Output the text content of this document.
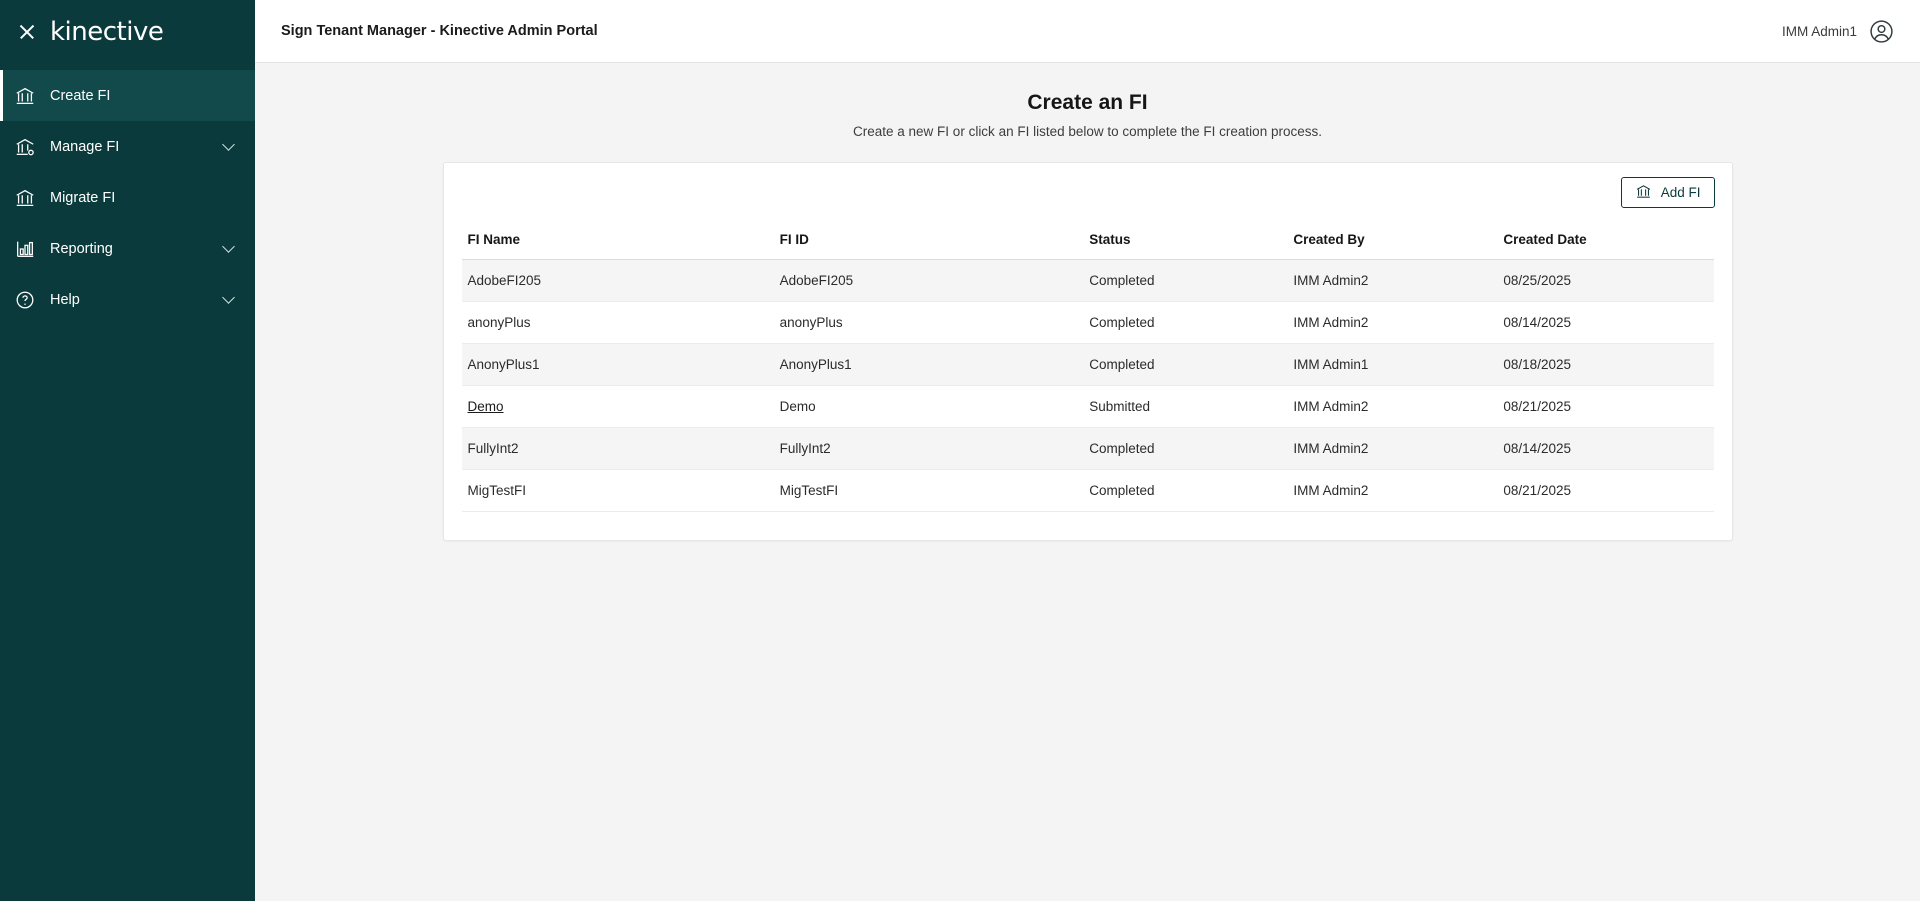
kinective
Create FI
Manage FI
Migrate FI
Reporting
Help
Sign Tenant Manager - Kinective Admin Portal	IMM Admin1
Create an FI
Create a new FI or click an FI listed below to complete the FI creation process.
Add FI
FI Name	FI ID	Status	Created By	Created Date
AdobeFI205	AdobeFI205	Completed	IMM Admin2	08/25/2025
anonyPlus	anonyPlus	Completed	IMM Admin2	08/14/2025
AnonyPlus1	AnonyPlus1	Completed	IMM Admin1	08/18/2025
Demo	Demo	Submitted	IMM Admin2	08/21/2025
FullyInt2	FullyInt2	Completed	IMM Admin2	08/14/2025
MigTestFI	MigTestFI	Completed	IMM Admin2	08/21/2025
